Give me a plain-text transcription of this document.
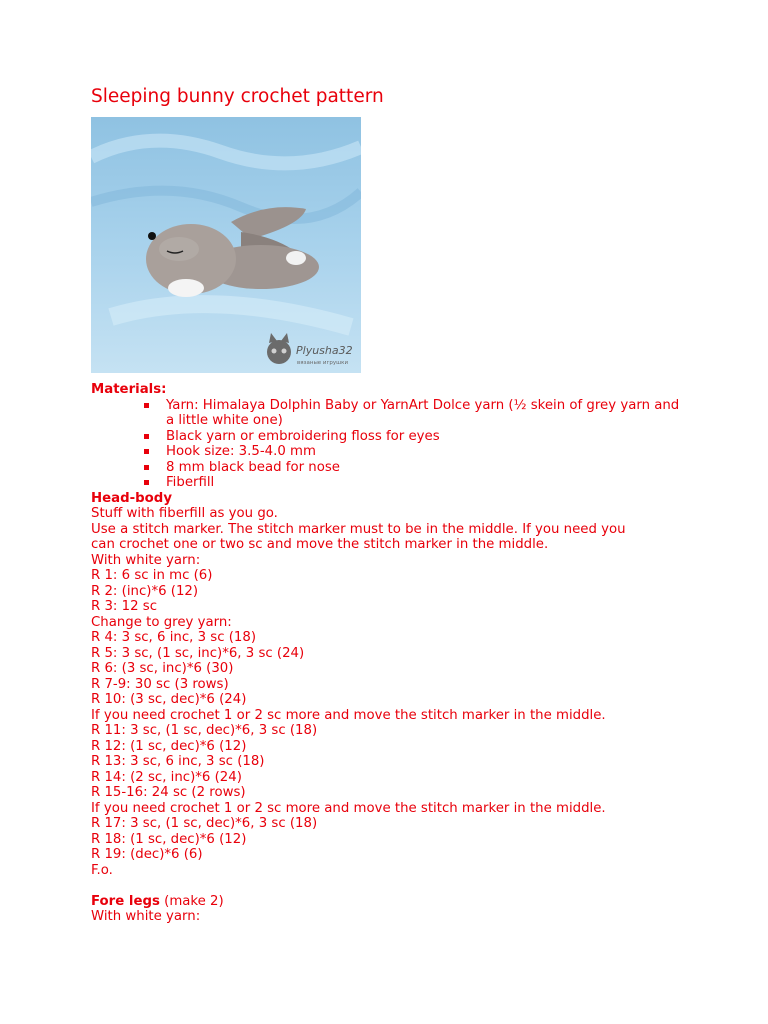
Sleeping bunny crochet pattern
Plyusha32
вязаные игрушки
Materials:
Yarn: Himalaya Dolphin Baby or YarnArt Dolce yarn (½ skein of grey yarn and a little white one)
Black yarn or embroidering floss for eyes
Hook size: 3.5-4.0 mm
8 mm black bead for nose
Fiberfill
Head-body
Stuff with fiberfill as you go.
Use a stitch marker. The stitch marker must to be in the middle. If you need you
can crochet one or two sc and move the stitch marker in the middle.
With white yarn:
R 1: 6 sc in mc (6)
R 2: (inc)*6 (12)
R 3: 12 sc
Change to grey yarn:
R 4: 3 sc, 6 inc, 3 sc (18)
R 5: 3 sc, (1 sc, inc)*6, 3 sc (24)
R 6: (3 sc, inc)*6 (30)
R 7-9: 30 sc (3 rows)
R 10: (3 sc, dec)*6 (24)
If you need crochet 1 or 2 sc more and move the stitch marker in the middle.
R 11: 3 sc, (1 sc, dec)*6, 3 sc (18)
R 12: (1 sc, dec)*6 (12)
R 13: 3 sc, 6 inc, 3 sc (18)
R 14: (2 sc, inc)*6 (24)
R 15-16: 24 sc (2 rows)
If you need crochet 1 or 2 sc more and move the stitch marker in the middle.
R 17: 3 sc, (1 sc, dec)*6, 3 sc (18)
R 18: (1 sc, dec)*6 (12)
R 19: (dec)*6 (6)
F.o.
Fore legs (make 2)
With white yarn:
